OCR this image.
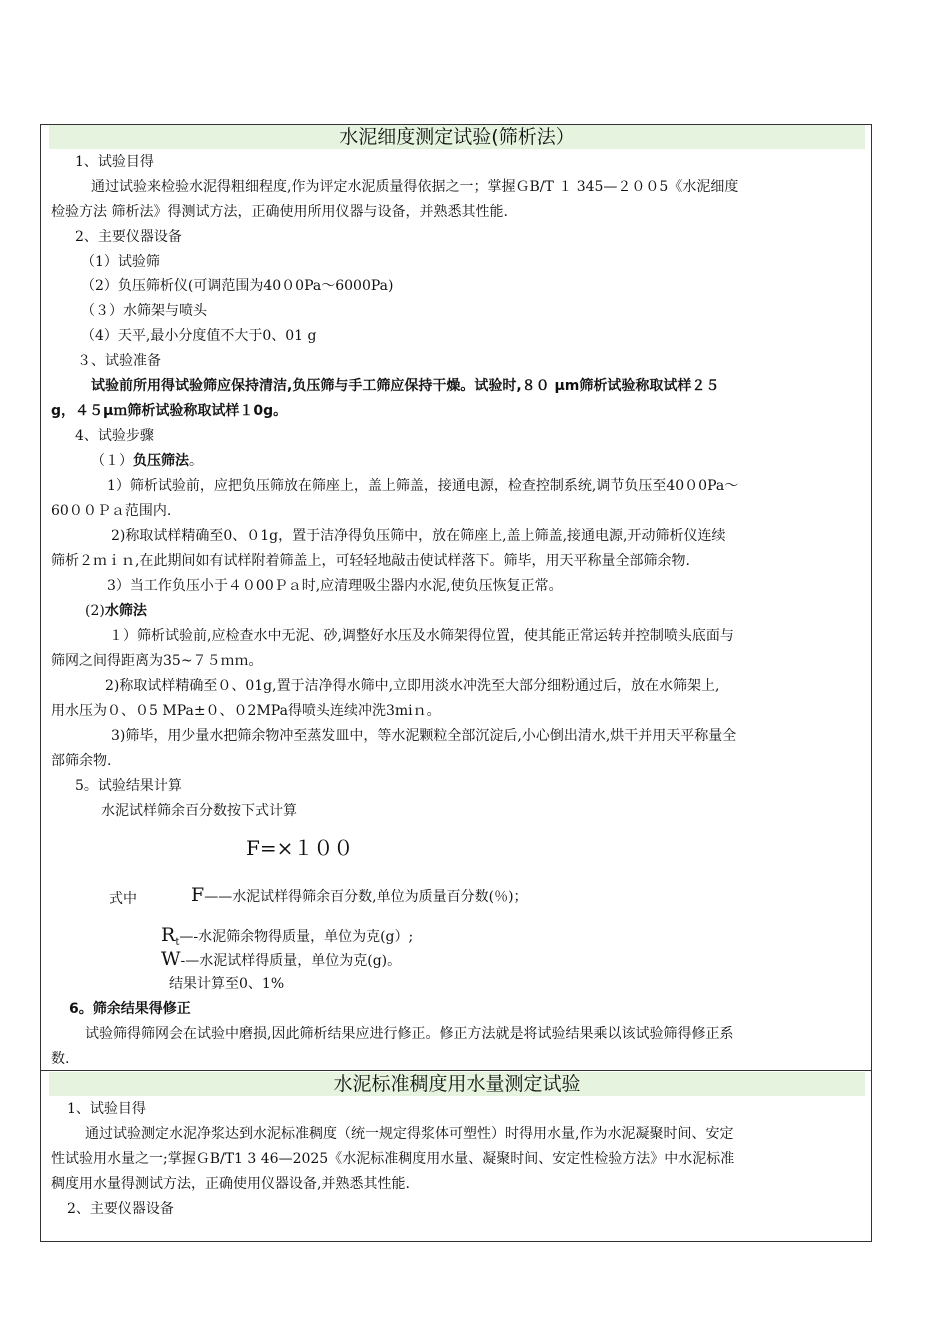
水泥细度测定试验(筛析法）
1、试验目得
通过试验来检验水泥得粗细程度,作为评定水泥质量得依据之一；掌握ＧB/T １ 345—２００5《水泥细度
检验方法 筛析法》得测试方法，正确使用所用仪器与设备，并熟悉其性能.
2、主要仪器设备
（1）试验筛
（2）负压筛析仪(可调范围为40０0Pa～6000Pa)
（３）水筛架与喷头
（4）天平,最小分度值不大于0、01 g
３、试验准备
试验前所用得试验筛应保持清洁,负压筛与手工筛应保持干燥。试验时,８０ μm筛析试验称取试样２５
g，４５μｍ筛析试验称取试样１0g。
4、试验步骤
（１）负压筛法。
1）筛析试验前，应把负压筛放在筛座上，盖上筛盖，接通电源，检查控制系统,调节负压至40０0Pa～
60００Ｐａ范围内.
2)称取试样精确至0、０1g，置于洁净得负压筛中，放在筛座上,盖上筛盖,接通电源,开动筛析仪连续
筛析２ｍｉｎ,在此期间如有试样附着筛盖上，可轻轻地敲击使试样落下。筛毕，用天平称量全部筛余物.
3）当工作负压小于４０00Ｐａ时,应清理吸尘器内水泥,使负压恢复正常。
(2)水筛法
１）筛析试验前,应检查水中无泥、砂,调整好水压及水筛架得位置，使其能正常运转并控制喷头底面与
筛网之间得距离为35~７５ｍｍ。
2)称取试样精确至０、01g,置于洁净得水筛中,立即用淡水冲洗至大部分细粉通过后，放在水筛架上,
用水压为０、０5 MPa±０、０2MPa得喷头连续冲洗3miｎ。
3)筛毕，用少量水把筛余物冲至蒸发皿中，等水泥颗粒全部沉淀后,小心倒出清水,烘干并用天平称量全
部筛余物.
5。试验结果计算
水泥试样筛余百分数按下式计算
F=×１００
式中	F——水泥试样得筛余百分数,单位为质量百分数(％)；
$R_t—-$水泥筛余物得质量，单位为克(g）;
W-—水泥试样得质量，单位为克(g)。
结果计算至0、1%
6。筛余结果得修正
试验筛得筛网会在试验中磨损,因此筛析结果应进行修正。修正方法就是将试验结果乘以该试验筛得修正系
数.
水泥标准稠度用水量测定试验
1、试验目得
通过试验测定水泥净浆达到水泥标准稠度（统一规定得浆体可塑性）时得用水量,作为水泥凝聚时间、安定
性试验用水量之一;掌握ＧB/T1 3 46—2025《水泥标准稠度用水量、凝聚时间、安定性检验方法》中水泥标准
稠度用水量得测试方法，正确使用仪器设备,并熟悉其性能.
2、主要仪器设备
